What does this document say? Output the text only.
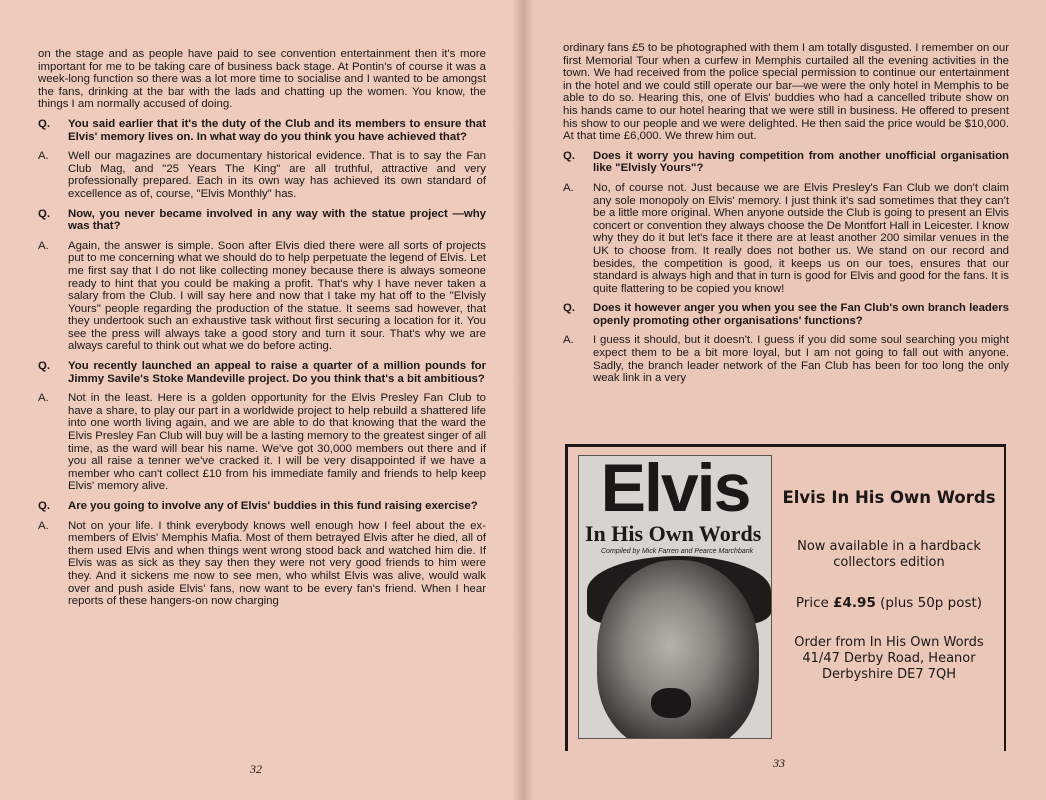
on the stage and as people have paid to see convention entertainment then it's more important for me to be taking care of business back stage. At Pontin's of course it was a week-long function so there was a lot more time to socialise and I wanted to be amongst the fans, drinking at the bar with the lads and chatting up the women. You know, the things I am normally accused of doing.

Q.	You said earlier that it's the duty of the Club and its members to ensure that Elvis' memory lives on. In what way do you think you have achieved that?
A.	Well our magazines are documentary historical evidence. That is to say the Fan Club Mag, and "25 Years The King" are all truthful, attractive and very professionally prepared. Each in its own way has achieved its own standard of excellence as of, course, "Elvis Monthly" has.
Q.	Now, you never became involved in any way with the statue project —why was that?
A.	Again, the answer is simple. Soon after Elvis died there were all sorts of projects put to me concerning what we should do to help perpetuate the legend of Elvis. Let me first say that I do not like collecting money because there is always someone ready to hint that you could be making a profit. That's why I have never taken a salary from the Club. I will say here and now that I take my hat off to the "Elvisly Yours" people regarding the production of the statue. It seems sad however, that they undertook such an exhaustive task without first securing a location for it. You see the press will always take a good story and turn it sour. That's why we are always careful to think out what we do before acting.
Q.	You recently launched an appeal to raise a quarter of a million pounds for Jimmy Savile's Stoke Mandeville project. Do you think that's a bit ambitious?
A.	Not in the least. Here is a golden opportunity for the Elvis Presley Fan Club to have a share, to play our part in a worldwide project to help rebuild a shattered life into one worth living again, and we are able to do that knowing that the ward the Elvis Presley Fan Club will buy will be a lasting memory to the greatest singer of all time, as the ward will bear his name. We've got 30,000 members out there and if you all raise a tenner we've cracked it. I will be very disappointed if we have a member who can't collect £10 from his immediate family and friends to help keep Elvis' memory alive.
Q.	Are you going to involve any of Elvis' buddies in this fund raising exercise?
A.	Not on your life. I think everybody knows well enough how I feel about the ex-members of Elvis' Memphis Mafia. Most of them betrayed Elvis after he died, all of them used Elvis and when things went wrong stood back and watched him die. If Elvis was as sick as they say then they were not very good friends to him were they. And it sickens me now to see men, who whilst Elvis was alive, would walk over and push aside Elvis' fans, now want to be every fan's friend. When I hear reports of these hangers-on now charging
32

ordinary fans £5 to be photographed with them I am totally disgusted. I remember on our first Memorial Tour when a curfew in Memphis curtailed all the evening activities in the town. We had received from the police special permission to continue our entertainment in the hotel and we could still operate our bar—we were the only hotel in Memphis to be able to do so. Hearing this, one of Elvis' buddies who had a cancelled tribute show on his hands came to our hotel hearing that we were still in business. He offered to present his show to our people and we were delighted. He then said the price would be $10,000. At that time £6,000. We threw him out.

Q.	Does it worry you having competition from another unofficial organisation like "Elvisly Yours"?
A.	No, of course not. Just because we are Elvis Presley's Fan Club we don't claim any sole monopoly on Elvis' memory. I just think it's sad sometimes that they can't be a little more original. When anyone outside the Club is going to present an Elvis concert or convention they always choose the De Montfort Hall in Leicester. I know why they do it but let's face it there are at least another 200 similar venues in the UK to choose from. It really does not bother us. We stand on our record and besides, the competition is good, it keeps us on our toes, ensures that our standard is always high and that in turn is good for Elvis and good for the fans. It is quite flattering to be copied you know!
Q.	Does it however anger you when you see the Fan Club's own branch leaders openly promoting other organisations' functions?
A.	I guess it should, but it doesn't. I guess if you did some soul searching you might expect them to be a bit more loyal, but I am not going to fall out with anyone. Sadly, the branch leader network of the Fan Club has been for too long the only weak link in a very
Elvis
In His Own Words
Compiled by Mick Farren and Pearce Marchbank
Elvis In His Own Words
Now available in a hardback collectors edition
Price £4.95 (plus 50p post)
Order from In His Own Words
41/47 Derby Road, Heanor
Derbyshire DE7 7QH
33
